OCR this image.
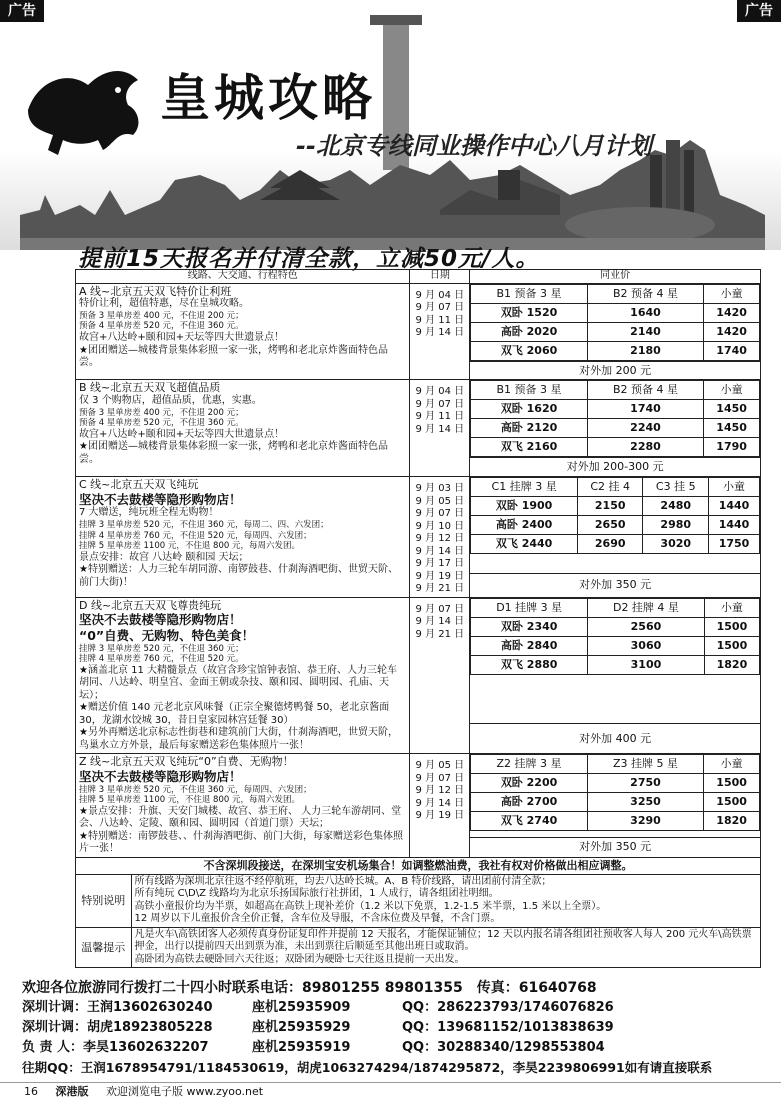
广告	广告
皇城攻略
--北京专线同业操作中心八月计划
提前15天报名并付清全款，立减50元/人。
线路、大交通、行程特色	日期	同业价

A 线~北京五天双飞特价让利班
特价让利，超值特惠，尽在皇城攻略。
预备 3 星单房差 400 元，不住退 200 元；
预备 4 星单房差 520 元，不住退 360 元。
故宫+八达岭+颐和园+天坛等四大世遗景点！
★团团赠送—城楼背景集体彩照一家一张，烤鸭和老北京炸酱面特色品尝。

9 月 04 日
9 月 07 日
9 月 11 日
9 月 14 日

B1 预备 3 星	B2 预备 4 星	小童
双卧 1520	1640	1420
高卧 2020	2140	1420
双飞 2060	2180	1740

对外加 200 元

B 线~北京五天双飞超值品质
仅 3 个购物店，超值品质，优惠，实惠。
预备 3 星单房差 400 元，不住退 200 元；
预备 4 星单房差 520 元，不住退 360 元。
故宫+八达岭+颐和园+天坛等四大世遗景点！
★团团赠送—城楼背景集体彩照一家一张，烤鸭和老北京炸酱面特色品尝。

9 月 04 日
9 月 07 日
9 月 11 日
9 月 14 日

B1 预备 3 星	B2 预备 4 星	小童
双卧 1620	1740	1450
高卧 2120	2240	1450
双飞 2160	2280	1790

对外加 200-300 元

C 线~北京五天双飞纯玩
坚决不去鼓楼等隐形购物店！
7 大赠送，纯玩班全程无购物！
挂牌 3 星单房差 520 元，不住退 360 元，每周二、四、六发团；
挂牌 4 星单房差 760 元，不住退 520 元，每周四、六发团；
挂牌 5 星单房差 1100 元，不住退 800 元，每周六发团。
景点安排：故宫 八达岭 颐和园 天坛；
★特别赠送：人力三轮车胡同游、南锣鼓巷、什刹海酒吧街、世贸天阶、前门大街)！

9 月 03 日
9 月 05 日
9 月 07 日
9 月 10 日
9 月 12 日
9 月 14 日
9 月 17 日
9 月 19 日
9 月 21 日

C1 挂牌 3 星	C2 挂 4	C3 挂 5	小童
双卧 1900	2150	2480	1440
高卧 2400	2650	2980	1440
双飞 2440	2690	3020	1750

对外加 350 元

D 线~北京五天双飞尊贵纯玩
坚决不去鼓楼等隐形购物店！
“0”自费、无购物、特色美食！
挂牌 3 星单房差 520 元，不住退 360 元；
挂牌 4 星单房差 760 元，不住退 520 元。
★涵盖北京 11 大精髓景点（故宫含珍宝馆钟表馆、恭王府、人力三轮车胡同、八达岭、明皇宫、金面王朝或杂技、颐和园、圆明园、孔庙、天坛）；
★赠送价值 140 元老北京风味餐（正宗全聚德烤鸭餐 50，老北京酱面 30，龙湖水饺城 30，昔日皇家园林宫廷餐 30）
★另外再赠送北京标志性街巷和建筑前门大街，什刹海酒吧，世贸天阶，鸟巢水立方外景，最后每家赠送彩色集体照片一张！

9 月 07 日
9 月 14 日
9 月 21 日

D1 挂牌 3 星	D2 挂牌 4 星	小童
双卧 2340	2560	1500
高卧 2840	3060	1500
双飞 2880	3100	1820

对外加 400 元

Z 线~北京五天双飞纯玩“0”自费、无购物！
坚决不去鼓楼等隐形购物店！
挂牌 3 星单房差 520 元，不住退 360 元，每周四、六发团；
挂牌 5 星单房差 1100 元，不住退 800 元，每周六发团。
★景点安排：升旗、天安门城楼、故宫、恭王府、 人力三轮车游胡同、堂会、八达岭、定陵、颐和园、圆明园（首道门票）天坛；
★特别赠送：南锣鼓巷、、什刹海酒吧街、前门大街，每家赠送彩色集体照片一张！

9 月 05 日
9 月 07 日
9 月 12 日
9 月 14 日
9 月 19 日

Z2 挂牌 3 星	Z3 挂牌 5 星	小童
双卧 2200	2750	1500
高卧 2700	3250	1500
双飞 2740	3290	1820

对外加 350 元
不含深圳段接送，在深圳宝安机场集合！如调整燃油费，我社有权对价格做出相应调整。

特别说明	
所有线路为深圳北京往返不经停航班，均去八达岭长城。A、B 特价线路，请出团前付清全款；
所有纯玩 C\D\Z 线路均为北京乐扬国际旅行社拼团，1 人成行，请各组团社明细。
高铁小童报价均为半票，如超高在高铁上现补差价（1.2 米以下免票，1.2-1.5 米半票，1.5 米以上全票）。
12 周岁以下儿童报价含全价正餐，含车位及导服，不含床位费及早餐，不含门票。

温馨提示	
凡是火车\高铁团客人必须传真身份证复印件并提前 12 天报名，才能保证铺位；12 天以内报名请各组团社预收客人每人 200 元火车\高铁票押金，出行以提前四天出到票为准，未出到票往后顺延至其他出班日或取消。
高卧团为高铁去硬卧回六天往返；双卧团为硬卧七天往返且提前一天出发。
欢迎各位旅游同行拨打二十四小时联系电话：89801255 89801355 传真：61640768
深圳计调：王润13602630240	座机25935909	QQ：286223793/1746076826
深圳计调：胡虎18923805228	座机25935929	QQ：139681152/1013838639
负 责 人：李昊13602632207	座机25935919	QQ：30288340/1298553804
往期QQ：王润1678954791/1184530619，胡虎1063274294/1874295872，李昊2239806991如有请直接联系
16 深港版 欢迎浏览电子版 www.zyoo.net
